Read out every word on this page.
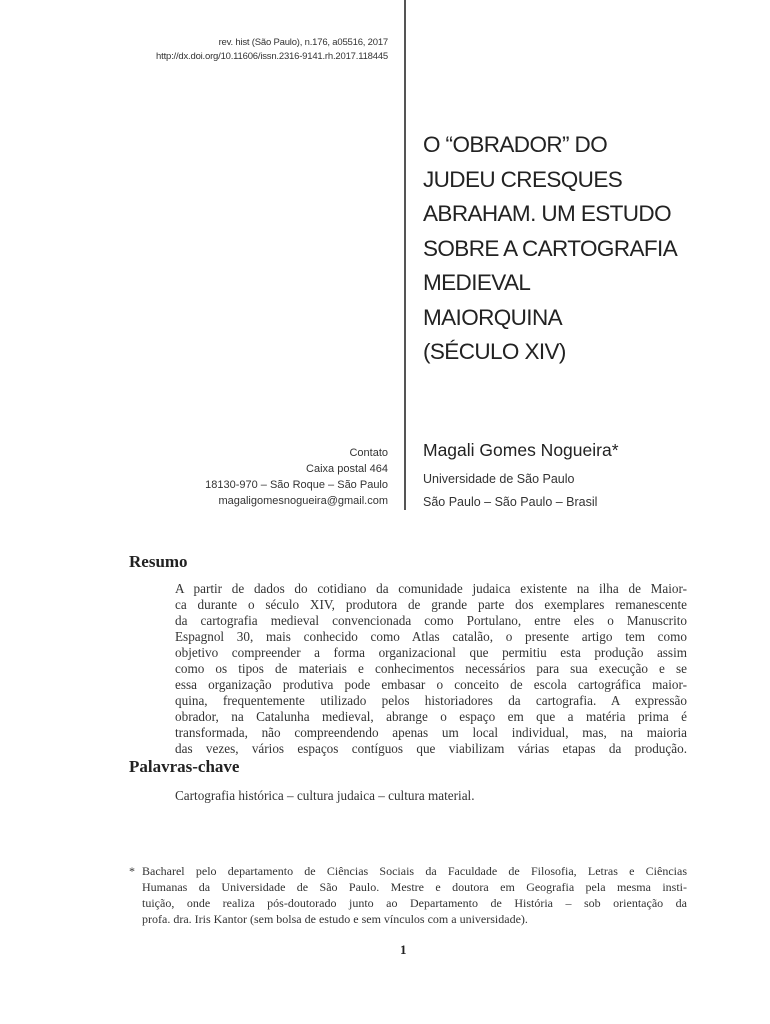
rev. hist (São Paulo), n.176, a05516, 2017
http://dx.doi.org/10.11606/issn.2316-9141.rh.2017.118445
O “OBRADOR” DO
JUDEU CRESQUES
ABRAHAM. UM ESTUDO
SOBRE A CARTOGRAFIA
MEDIEVAL
MAIORQUINA
(SÉCULO XIV)
Contato
Caixa postal 464
18130-970 – São Roque – São Paulo
magaligomesnogueira@gmail.com
Magali Gomes Nogueira*
Universidade de São Paulo
São Paulo – São Paulo – Brasil
Resumo
A partir de dados do cotidiano da comunidade judaica existente na ilha de Maior-
ca durante o século XIV, produtora de grande parte dos exemplares remanescente
da cartografia medieval convencionada como Portulano, entre eles o Manuscrito
Espagnol 30, mais conhecido como Atlas catalão, o presente artigo tem como
objetivo compreender a forma organizacional que permitiu esta produção assim
como os tipos de materiais e conhecimentos necessários para sua execução e se
essa organização produtiva pode embasar o conceito de escola cartográfica maior-
quina, frequentemente utilizado pelos historiadores da cartografia. A expressão
obrador, na Catalunha medieval, abrange o espaço em que a matéria prima é
transformada, não compreendendo apenas um local individual, mas, na maioria
das vezes, vários espaços contíguos que viabilizam várias etapas da produção.
Palavras-chave
Cartografia histórica – cultura judaica – cultura material.
* Bacharel pelo departamento de Ciências Sociais da Faculdade de Filosofia, Letras e Ciências
Humanas da Universidade de São Paulo. Mestre e doutora em Geografia pela mesma insti-
tuição, onde realiza pós-doutorado junto ao Departamento de História – sob orientação da
profa. dra. Iris Kantor (sem bolsa de estudo e sem vínculos com a universidade).
1
